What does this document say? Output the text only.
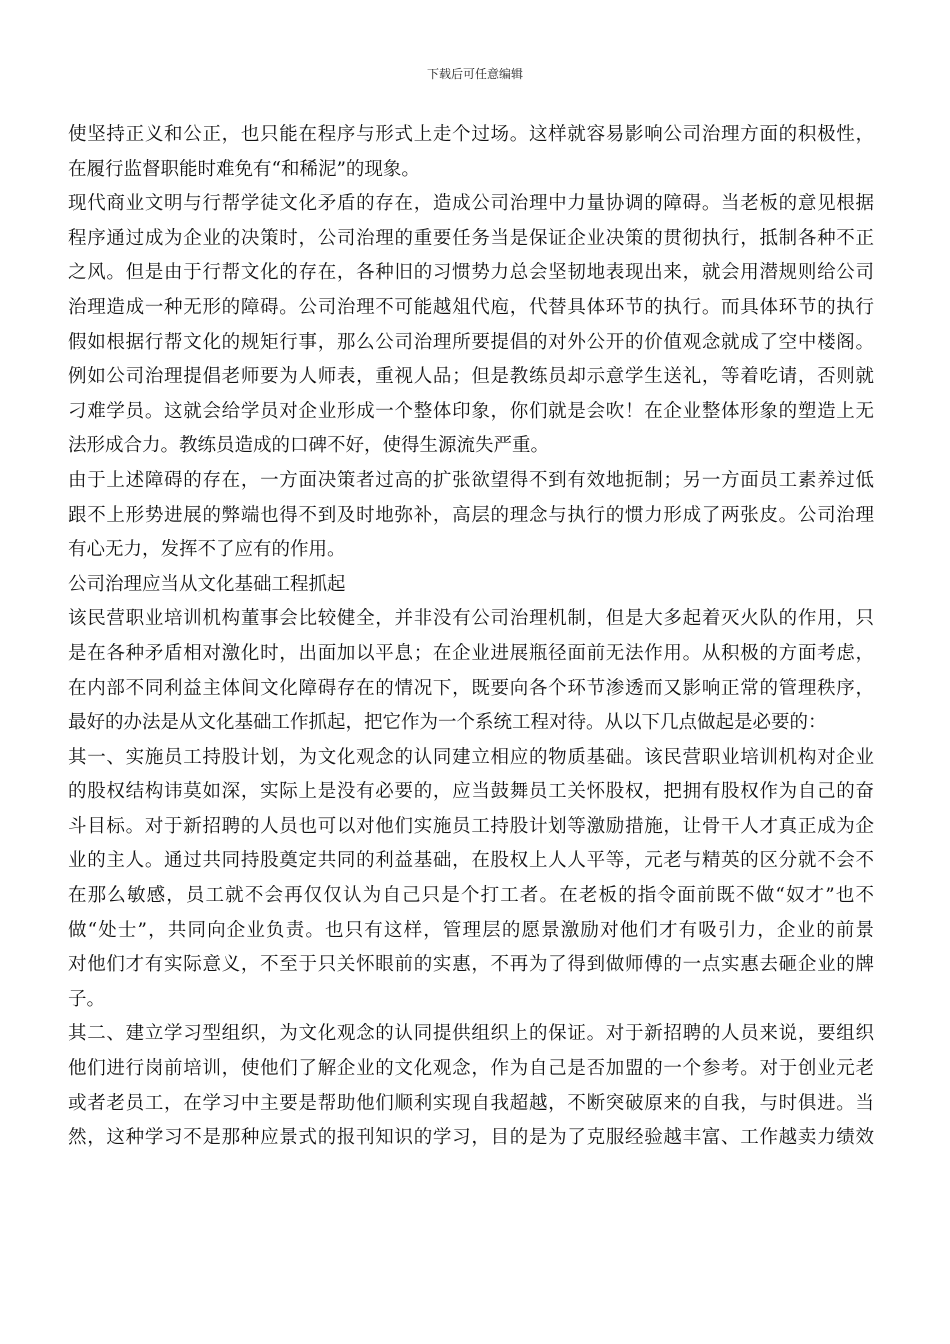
下载后可任意编辑
使坚持正义和公正，也只能在程序与形式上走个过场。这样就容易影响公司治理方面的积极性，
在履行监督职能时难免有“和稀泥”的现象。
现代商业文明与行帮学徒文化矛盾的存在，造成公司治理中力量协调的障碍。当老板的意见根据
程序通过成为企业的决策时，公司治理的重要任务当是保证企业决策的贯彻执行，抵制各种不正
之风。但是由于行帮文化的存在，各种旧的习惯势力总会坚韧地表现出来，就会用潜规则给公司
治理造成一种无形的障碍。公司治理不可能越俎代庖，代替具体环节的执行。而具体环节的执行
假如根据行帮文化的规矩行事，那么公司治理所要提倡的对外公开的价值观念就成了空中楼阁。
例如公司治理提倡老师要为人师表，重视人品；但是教练员却示意学生送礼，等着吃请，否则就
刁难学员。这就会给学员对企业形成一个整体印象，你们就是会吹！在企业整体形象的塑造上无
法形成合力。教练员造成的口碑不好，使得生源流失严重。
由于上述障碍的存在，一方面决策者过高的扩张欲望得不到有效地扼制；另一方面员工素养过低
跟不上形势进展的弊端也得不到及时地弥补，高层的理念与执行的惯力形成了两张皮。公司治理
有心无力，发挥不了应有的作用。
公司治理应当从文化基础工程抓起
该民营职业培训机构董事会比较健全，并非没有公司治理机制，但是大多起着灭火队的作用，只
是在各种矛盾相对激化时，出面加以平息；在企业进展瓶径面前无法作用。从积极的方面考虑，
在内部不同利益主体间文化障碍存在的情况下，既要向各个环节渗透而又影响正常的管理秩序，
最好的办法是从文化基础工作抓起，把它作为一个系统工程对待。从以下几点做起是必要的：
其一、实施员工持股计划，为文化观念的认同建立相应的物质基础。该民营职业培训机构对企业
的股权结构讳莫如深，实际上是没有必要的，应当鼓舞员工关怀股权，把拥有股权作为自己的奋
斗目标。对于新招聘的人员也可以对他们实施员工持股计划等激励措施，让骨干人才真正成为企
业的主人。通过共同持股奠定共同的利益基础，在股权上人人平等，元老与精英的区分就不会不
在那么敏感，员工就不会再仅仅认为自己只是个打工者。在老板的指令面前既不做“奴才”也不
做“处士”，共同向企业负责。也只有这样，管理层的愿景激励对他们才有吸引力，企业的前景
对他们才有实际意义，不至于只关怀眼前的实惠，不再为了得到做师傅的一点实惠去砸企业的牌
子。
其二、建立学习型组织，为文化观念的认同提供组织上的保证。对于新招聘的人员来说，要组织
他们进行岗前培训，使他们了解企业的文化观念，作为自己是否加盟的一个参考。对于创业元老
或者老员工，在学习中主要是帮助他们顺利实现自我超越，不断突破原来的自我，与时俱进。当
然，这种学习不是那种应景式的报刊知识的学习，目的是为了克服经验越丰富、工作越卖力绩效
